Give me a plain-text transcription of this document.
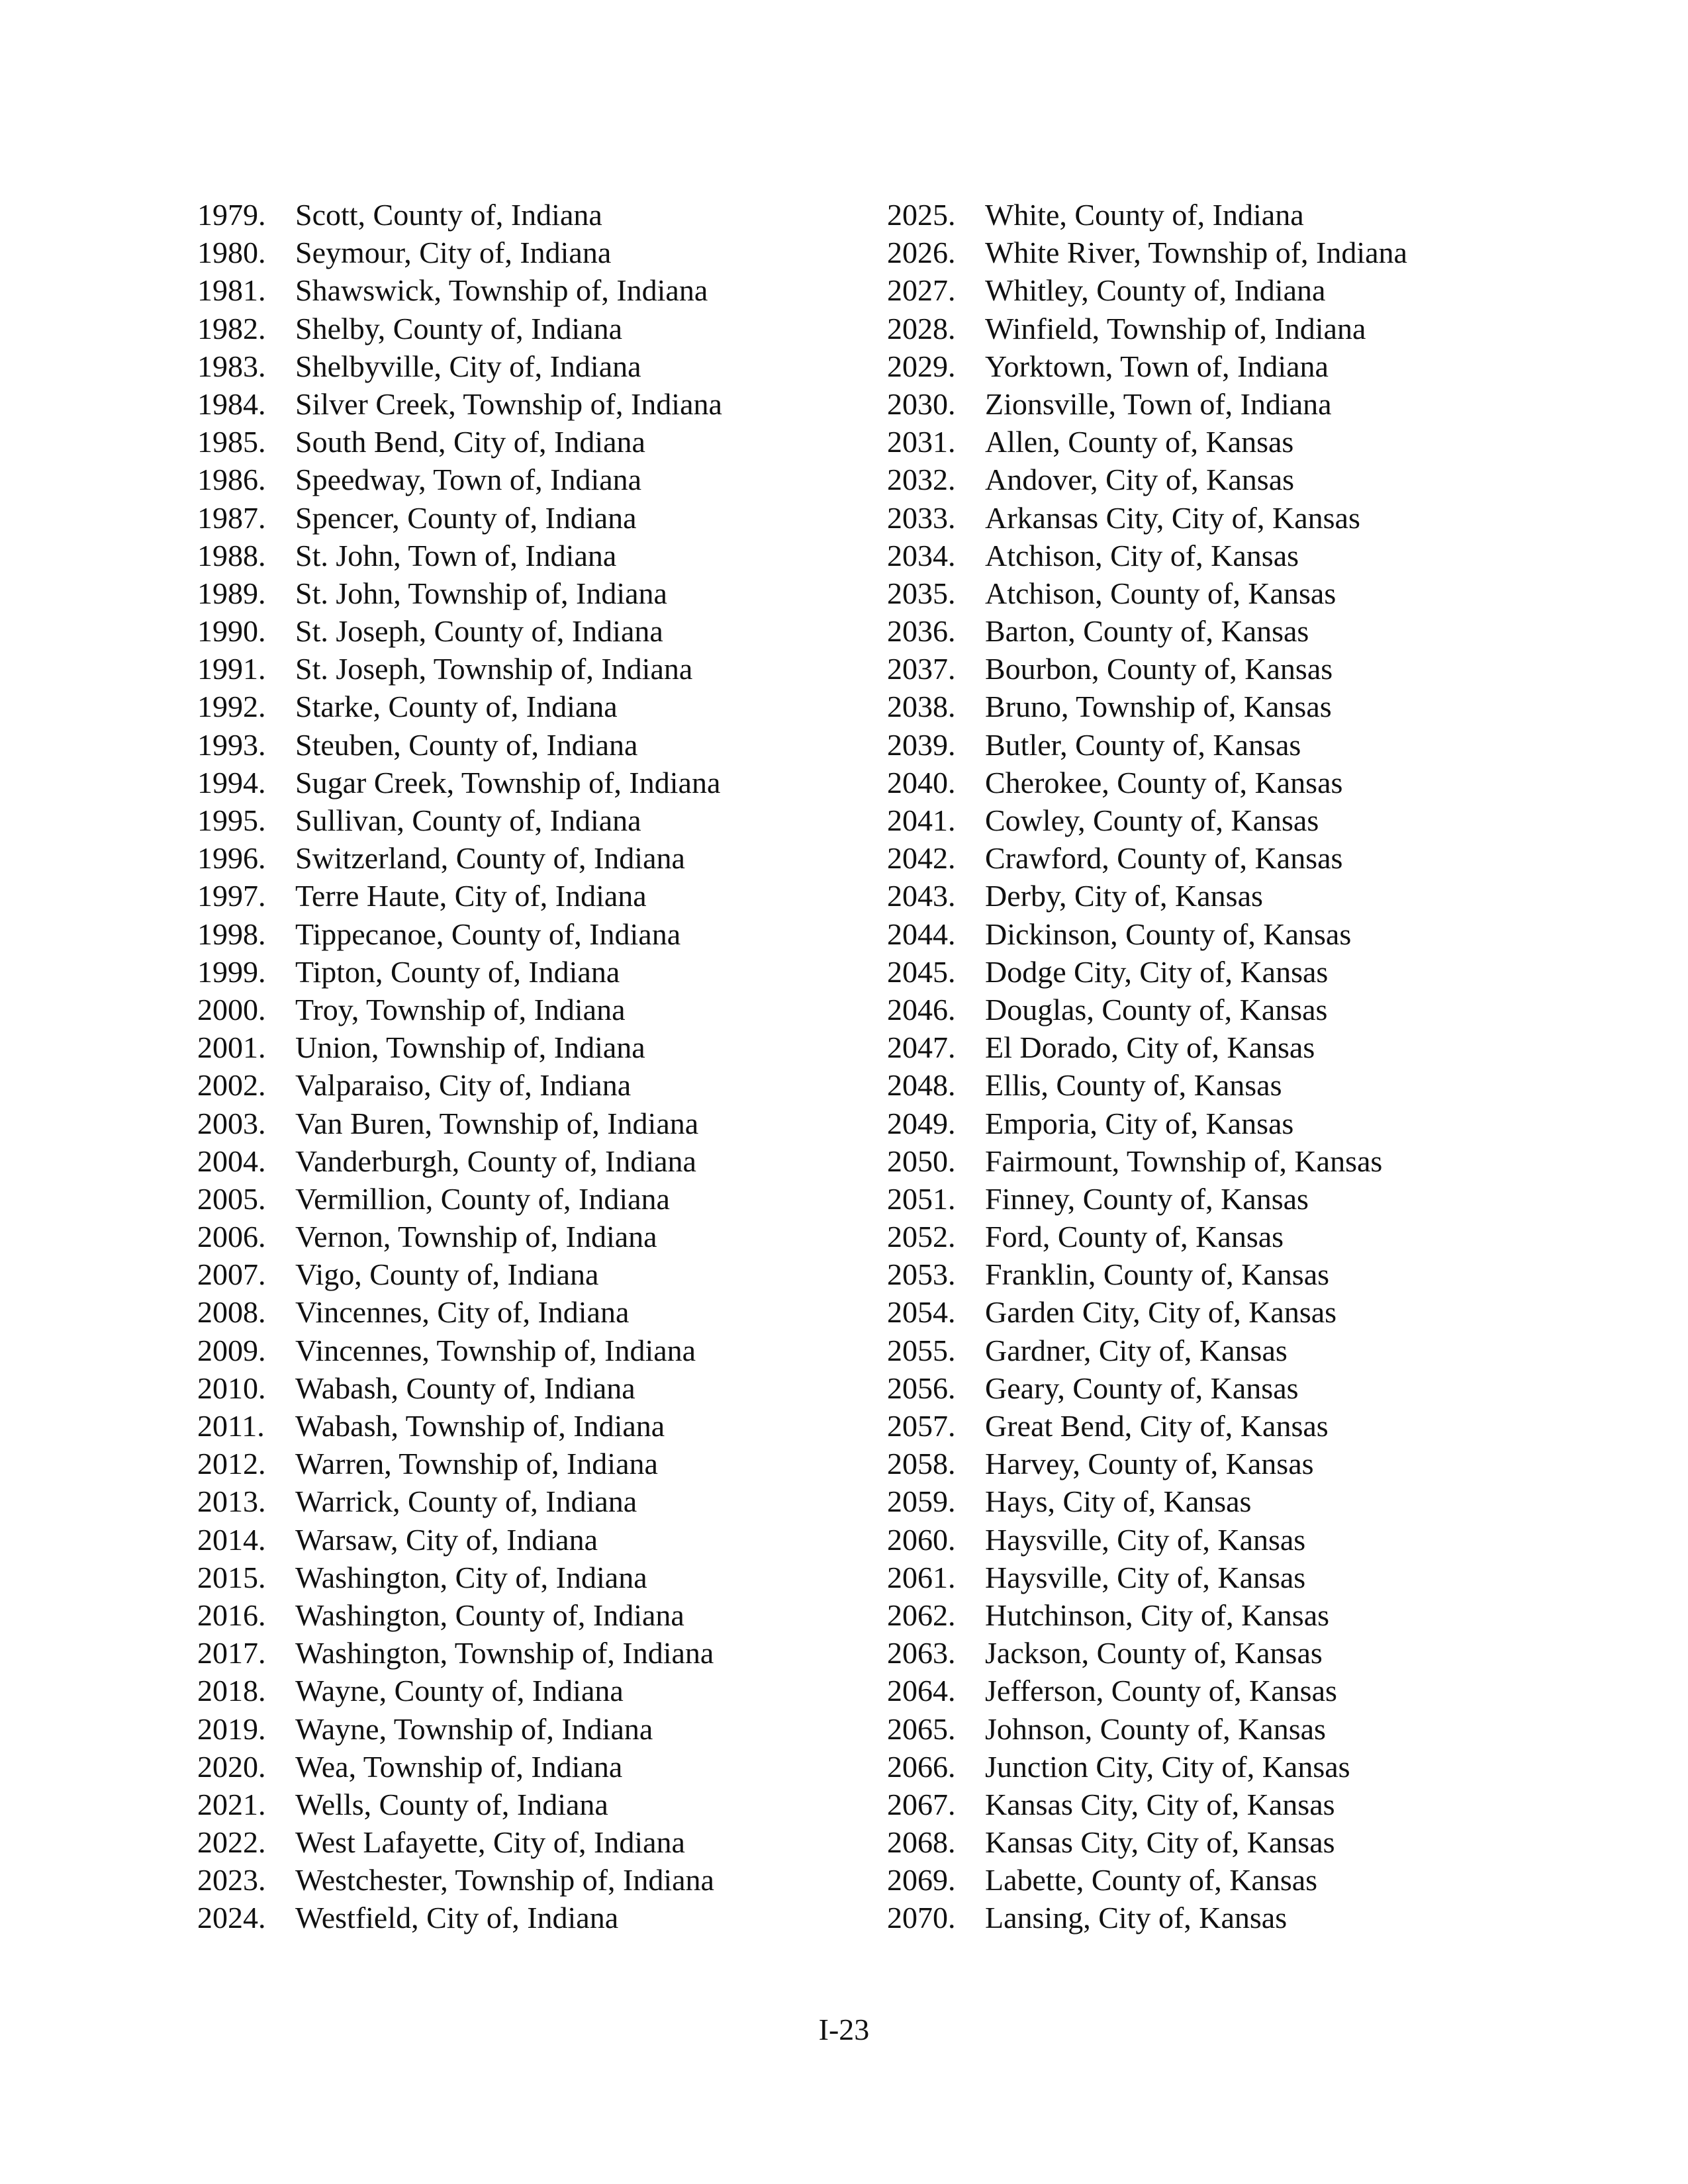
1979. Scott, County of, Indiana
1980. Seymour, City of, Indiana
1981. Shawswick, Township of, Indiana
1982. Shelby, County of, Indiana
1983. Shelbyville, City of, Indiana
1984. Silver Creek, Township of, Indiana
1985. South Bend, City of, Indiana
1986. Speedway, Town of, Indiana
1987. Spencer, County of, Indiana
1988. St. John, Town of, Indiana
1989. St. John, Township of, Indiana
1990. St. Joseph, County of, Indiana
1991. St. Joseph, Township of, Indiana
1992. Starke, County of, Indiana
1993. Steuben, County of, Indiana
1994. Sugar Creek, Township of, Indiana
1995. Sullivan, County of, Indiana
1996. Switzerland, County of, Indiana
1997. Terre Haute, City of, Indiana
1998. Tippecanoe, County of, Indiana
1999. Tipton, County of, Indiana
2000. Troy, Township of, Indiana
2001. Union, Township of, Indiana
2002. Valparaiso, City of, Indiana
2003. Van Buren, Township of, Indiana
2004. Vanderburgh, County of, Indiana
2005. Vermillion, County of, Indiana
2006. Vernon, Township of, Indiana
2007. Vigo, County of, Indiana
2008. Vincennes, City of, Indiana
2009. Vincennes, Township of, Indiana
2010. Wabash, County of, Indiana
2011.	Wabash, Township of, Indiana
2012. Warren, Township of, Indiana
2013. Warrick, County of, Indiana
2014. Warsaw, City of, Indiana
2015. Washington, City of, Indiana
2016. Washington, County of, Indiana
2017. Washington, Township of, Indiana
2018. Wayne, County of, Indiana
2019. Wayne, Township of, Indiana
2020. Wea, Township of, Indiana
2021. Wells, County of, Indiana
2022. West Lafayette, City of, Indiana
2023. Westchester, Township of, Indiana
2024. Westfield, City of, Indiana
2025. White, County of, Indiana
2026. White River, Township of, Indiana
2027. Whitley, County of, Indiana
2028. Winfield, Township of, Indiana
2029. Yorktown, Town of, Indiana
2030. Zionsville, Town of, Indiana
2031. Allen, County of, Kansas
2032. Andover, City of, Kansas
2033. Arkansas City, City of, Kansas
2034. Atchison, City of, Kansas
2035. Atchison, County of, Kansas
2036. Barton, County of, Kansas
2037. Bourbon, County of, Kansas
2038. Bruno, Township of, Kansas
2039. Butler, County of, Kansas
2040. Cherokee, County of, Kansas
2041. Cowley, County of, Kansas
2042. Crawford, County of, Kansas
2043. Derby, City of, Kansas
2044. Dickinson, County of, Kansas
2045. Dodge City, City of, Kansas
2046. Douglas, County of, Kansas
2047. El Dorado, City of, Kansas
2048. Ellis, County of, Kansas
2049. Emporia, City of, Kansas
2050. Fairmount, Township of, Kansas
2051. Finney, County of, Kansas
2052. Ford, County of, Kansas
2053. Franklin, County of, Kansas
2054. Garden City, City of, Kansas
2055. Gardner, City of, Kansas
2056. Geary, County of, Kansas
2057. Great Bend, City of, Kansas
2058. Harvey, County of, Kansas
2059. Hays, City of, Kansas
2060. Haysville, City of, Kansas
2061. Haysville, City of, Kansas
2062. Hutchinson, City of, Kansas
2063. Jackson, County of, Kansas
2064. Jefferson, County of, Kansas
2065. Johnson, County of, Kansas
2066. Junction City, City of, Kansas
2067. Kansas City, City of, Kansas
2068. Kansas City, City of, Kansas
2069. Labette, County of, Kansas
2070. Lansing, City of, Kansas
I-23
